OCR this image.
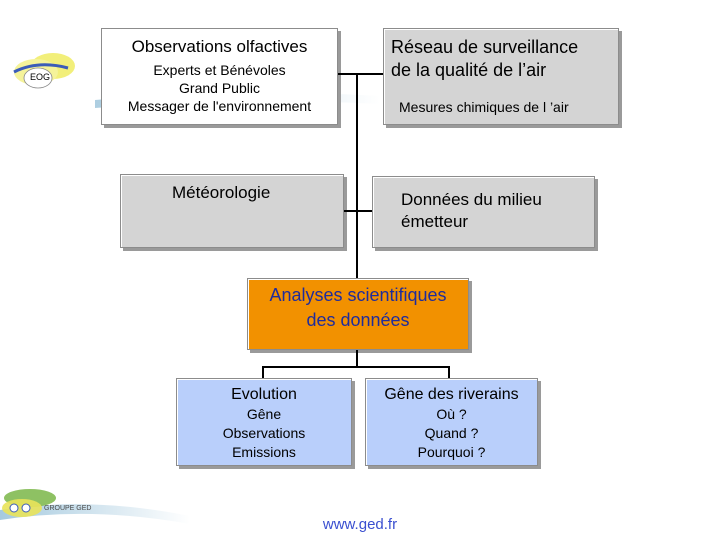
EOG
Observations olfactives
Experts et Bénévoles
Grand Public
Messager de l'environnement
Réseau de surveillance
de la qualité de l’air
Mesures chimiques de l ’air
Météorologie	Données du milieu
émetteur
Analyses scientifiques
des données
Evolution
Gêne
Observations
Emissions
Gêne des riverains
Où ?
Quand ?
Pourquoi ?
GROUPE GED
www.ged.fr
